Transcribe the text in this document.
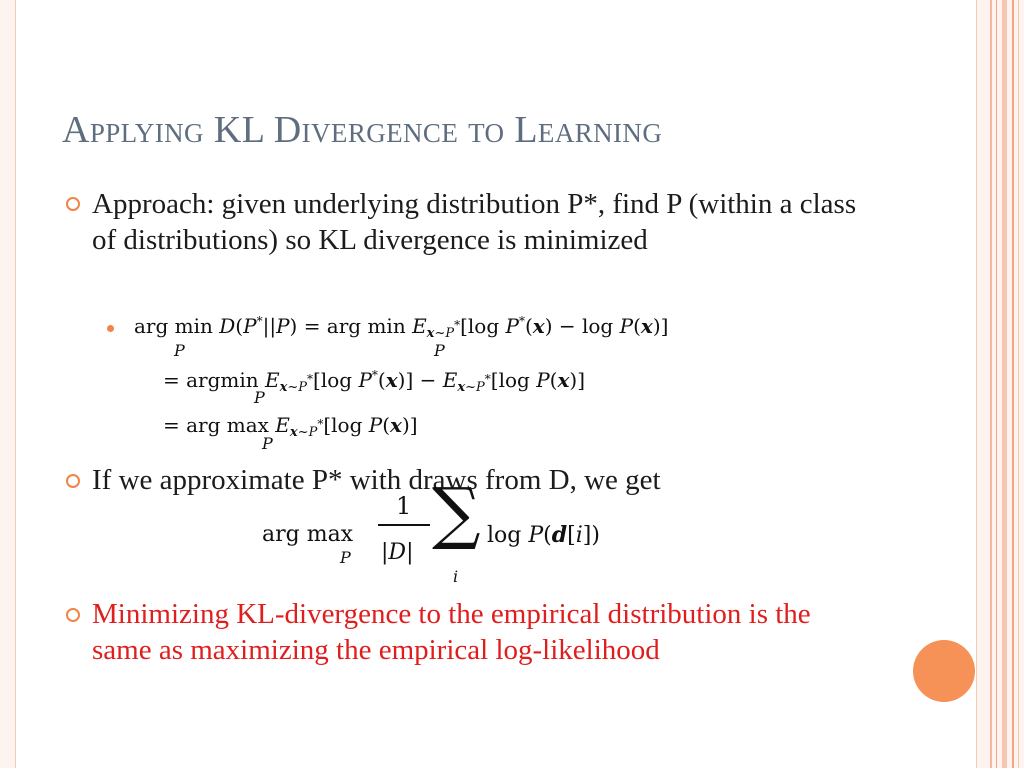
Applying KL Divergence to Learning
Approach: given underlying distribution P*, find P (within a class of distributions) so KL divergence is minimized
arg min D(P*||P) = arg $\min E_{x\sim P^*}[\log$ P*(x) − log P(x)]
P	P
= argmin $E_{x\sim P^*}[\log$ $P^*(x)] - E_{x\sim P^*}[\log$ P(x)]
P
= arg $\max E_{x\sim P^*}[\log$ P(x)]
P
If we approximate P* with draws from D, we get
arg max
P
1
|D| ∑
i
log P(d[i])
Minimizing KL-divergence to the empirical distribution is the same as maximizing the empirical log-likelihood
